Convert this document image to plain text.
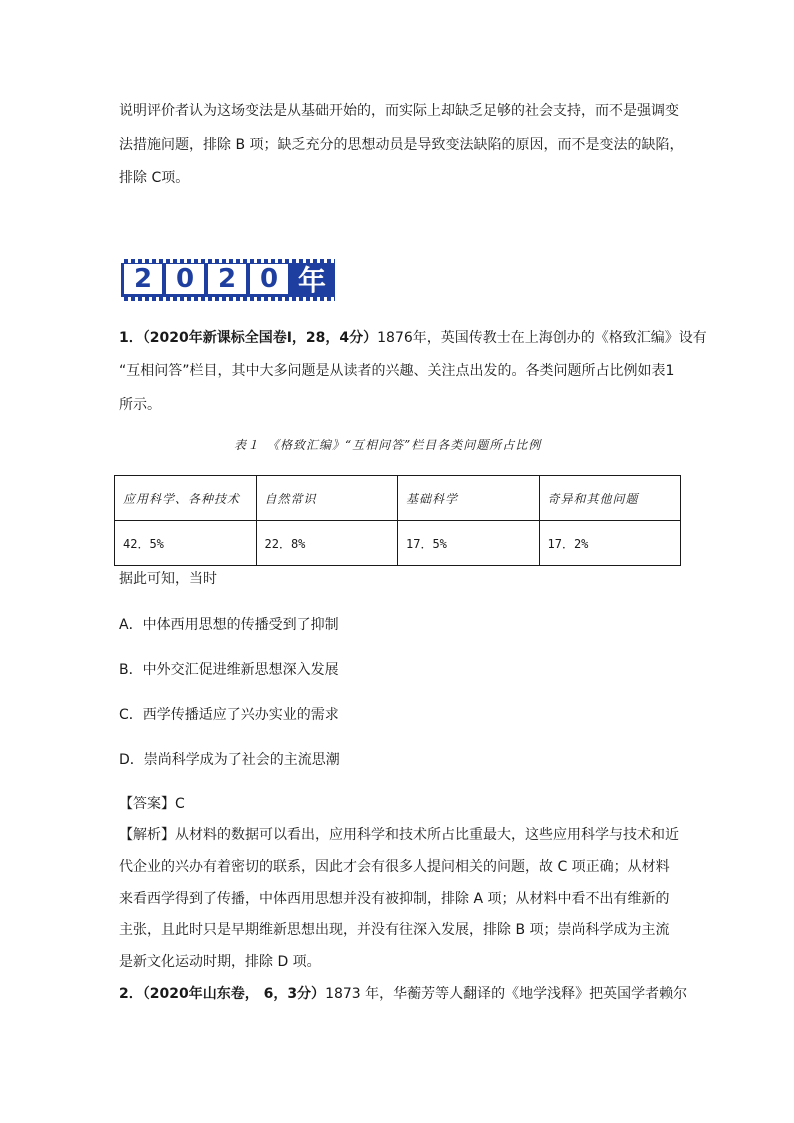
说明评价者认为这场变法是从基础开始的，而实际上却缺乏足够的社会支持，而不是强调变
法措施问题，排除 B 项；缺乏充分的思想动员是导致变法缺陷的原因，而不是变法的缺陷，
排除 C项。
2 0 2 0 年
1．（2020年新课标全国卷I，28，4分）1876年，英国传教士在上海创办的《格致汇编》设有
“互相问答”栏目，其中大多问题是从读者的兴趣、关注点出发的。各类问题所占比例如表1
所示。
表１　《格致汇编》“互相问答”栏目各类问题所占比例
应用科学、各种技术	自然常识	基础科学	奇异和其他问题
42．5%	22．8%	17．5%	17．2%
据此可知，当时
A．中体西用思想的传播受到了抑制
B．中外交汇促进维新思想深入发展
C．西学传播适应了兴办实业的需求
D．崇尚科学成为了社会的主流思潮
【答案】C
【解析】从材料的数据可以看出，应用科学和技术所占比重最大，这些应用科学与技术和近
代企业的兴办有着密切的联系，因此才会有很多人提问相关的问题，故 C 项正确；从材料
来看西学得到了传播，中体西用思想并没有被抑制，排除 A 项；从材料中看不出有维新的
主张，且此时只是早期维新思想出现，并没有往深入发展，排除 B 项；崇尚科学成为主流
是新文化运动时期，排除 D 项。
2．（2020年山东卷， 6，3分）1873 年，华蘅芳等人翻译的《地学浅释》把英国学者赖尔
